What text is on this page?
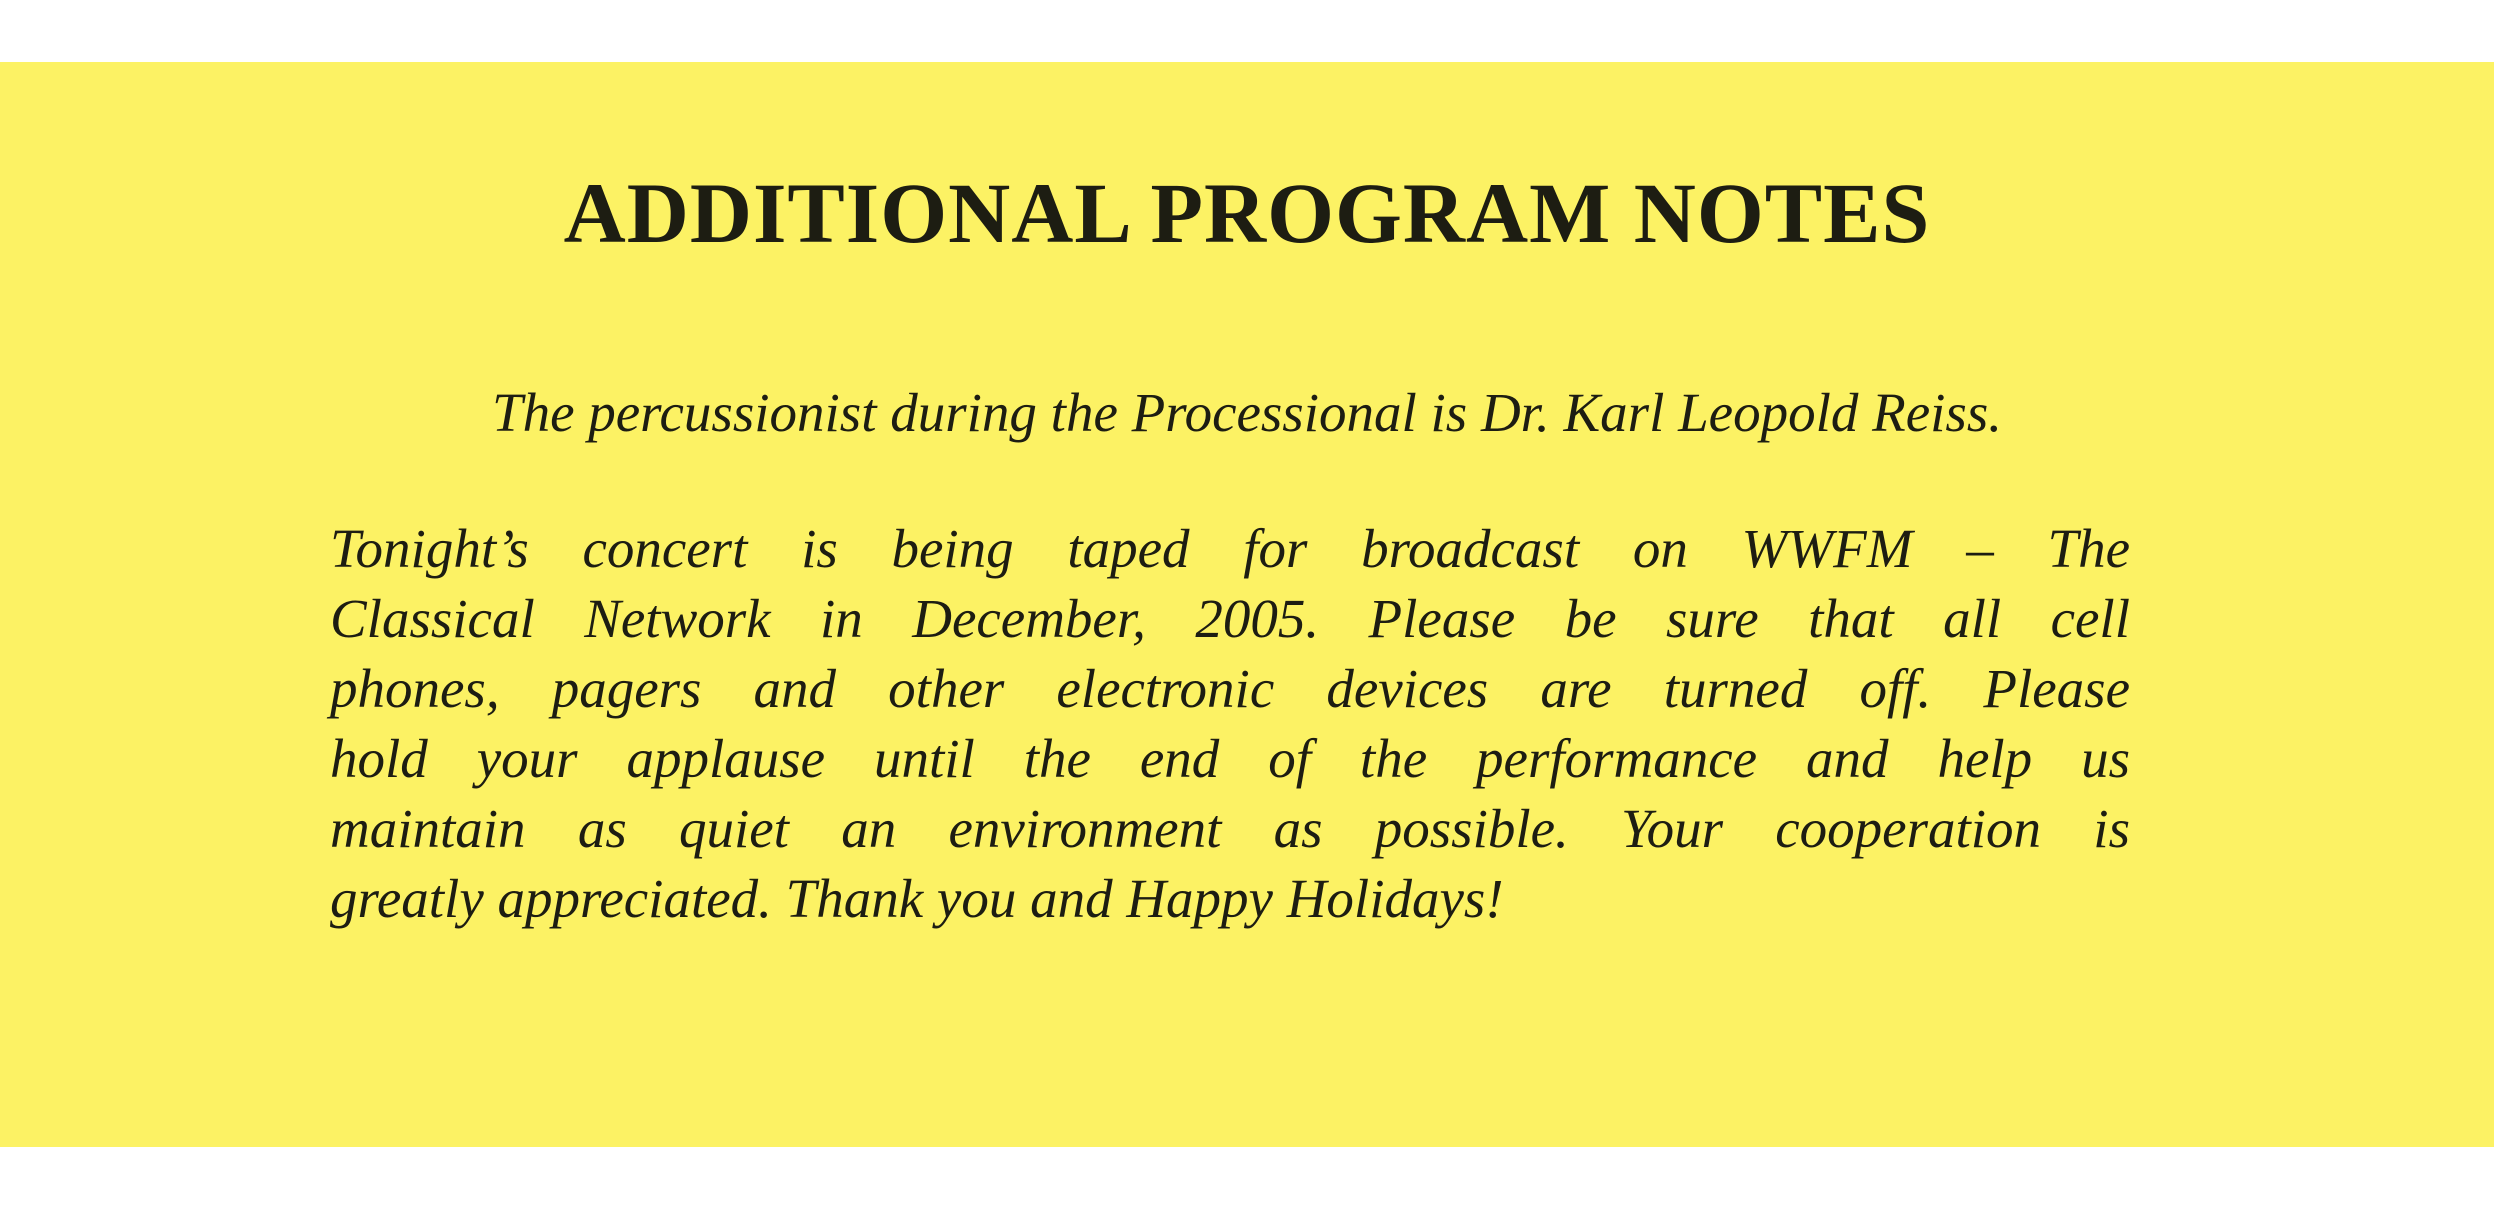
ADDITIONAL PROGRAM NOTES
The percussionist during the Processional is Dr. Karl Leopold Reiss.
Tonight’s concert is being taped for broadcast on WWFM – The
Classical Network in December, 2005. Please be sure that all cell
phones, pagers and other electronic devices are turned off. Please
hold your applause until the end of the performance and help us
maintain as quiet an environment as possible. Your cooperation is
greatly appreciated. Thank you and Happy Holidays!
